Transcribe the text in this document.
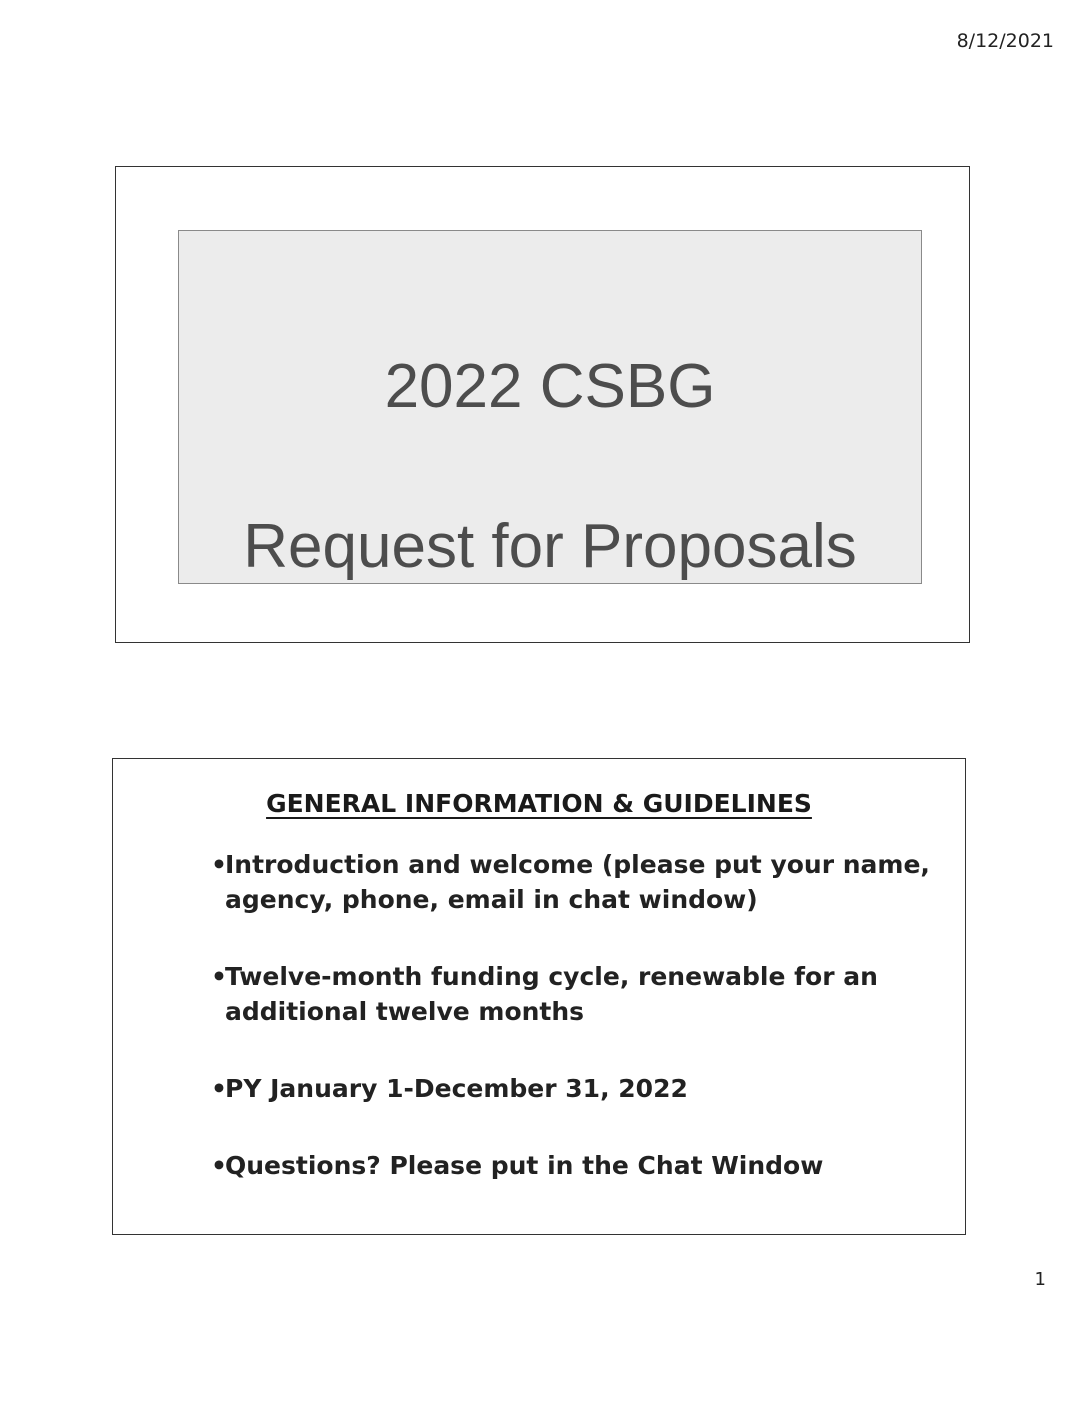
8/12/2021
2022 CSBG
Request for Proposals
GENERAL INFORMATION & GUIDELINES
•
Introduction and welcome (please put your name, agency, phone, email in chat window)
•
Twelve-month funding cycle, renewable for an additional twelve months
•
PY January 1-December 31, 2022
•
Questions? Please put in the Chat Window
1
